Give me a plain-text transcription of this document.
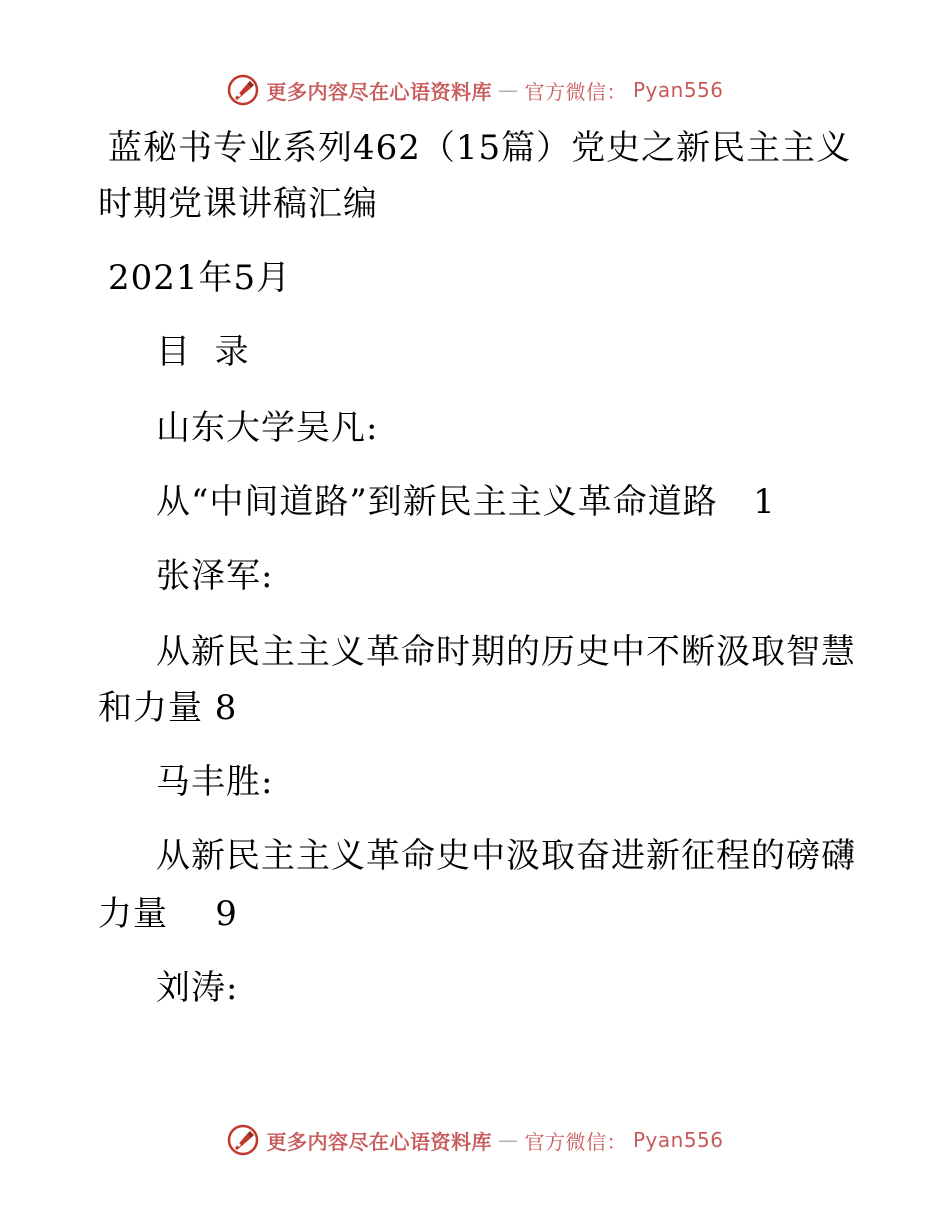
更多内容尽在心语资料库 — 官方微信： Pyan556
蓝秘书专业系列462（15篇）党史之新民主主义
时期党课讲稿汇编
2021年5月
目  录
山东大学吴凡:
从“中间道路”到新民主主义革命道路   1
张泽军:
从新民主主义革命时期的历史中不断汲取智慧
和力量 8
马丰胜:
从新民主主义革命史中汲取奋进新征程的磅礴
力量    9
刘涛:
更多内容尽在心语资料库 — 官方微信： Pyan556
